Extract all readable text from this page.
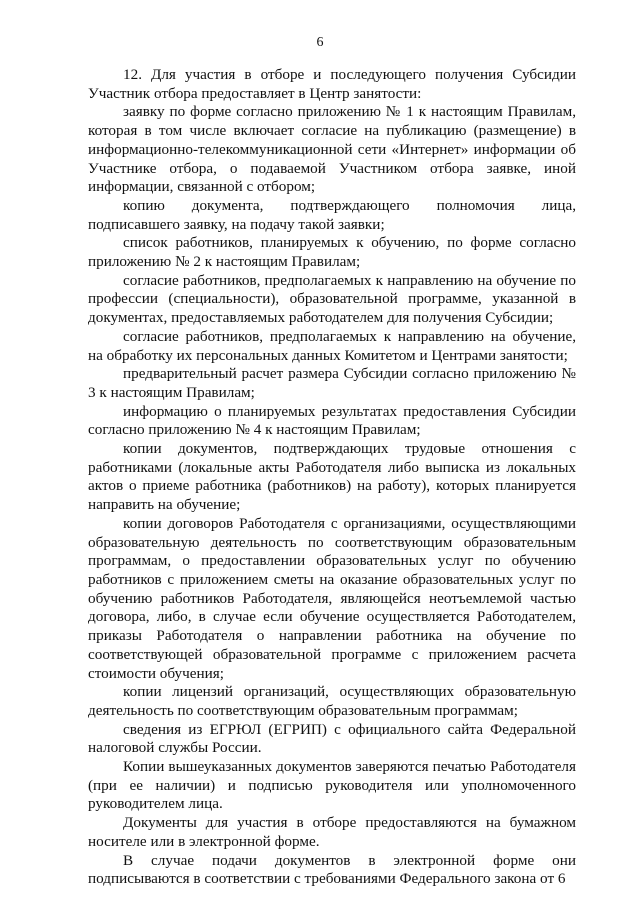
6

12. Для участия в отборе и последующего получения Субсидии Участник отбора предоставляет в Центр занятости:

заявку по форме согласно приложению № 1 к настоящим Правилам, которая в том числе включает согласие на публикацию (размещение) в информационно-телекоммуникационной сети «Интернет» информации об Участнике отбора, о подаваемой Участником отбора заявке, иной информации, связанной с отбором;

копию документа, подтверждающего полномочия лица, подписавшего заявку, на подачу такой заявки;

список работников, планируемых к обучению, по форме согласно приложению № 2 к настоящим Правилам;

согласие работников, предполагаемых к направлению на обучение по профессии (специальности), образовательной программе, указанной в документах, предоставляемых работодателем для получения Субсидии;

согласие работников, предполагаемых к направлению на обучение, на обработку их персональных данных Комитетом и Центрами занятости;

предварительный расчет размера Субсидии согласно приложению № 3 к настоящим Правилам;

информацию о планируемых результатах предоставления Субсидии согласно приложению № 4 к настоящим Правилам;

копии документов, подтверждающих трудовые отношения с работниками (локальные акты Работодателя либо выписка из локальных актов о приеме работника (работников) на работу), которых планируется направить на обучение;

копии договоров Работодателя с организациями, осуществляющими образовательную деятельность по соответствующим образовательным программам, о предоставлении образовательных услуг по обучению работников с приложением сметы на оказание образовательных услуг по обучению работников Работодателя, являющейся неотъемлемой частью договора, либо, в случае если обучение осуществляется Работодателем, приказы Работодателя о направлении работника на обучение по соответствующей образовательной программе с приложением расчета стоимости обучения;

копии лицензий организаций, осуществляющих образовательную деятельность по соответствующим образовательным программам;

сведения из ЕГРЮЛ (ЕГРИП) с официального сайта Федеральной налоговой службы России.

Копии вышеуказанных документов заверяются печатью Работодателя (при ее наличии) и подписью руководителя или уполномоченного руководителем лица.

Документы для участия в отборе предоставляются на бумажном носителе или в электронной форме.

В случае подачи документов в электронной форме они подписываются в соответствии с требованиями Федерального закона от 6
